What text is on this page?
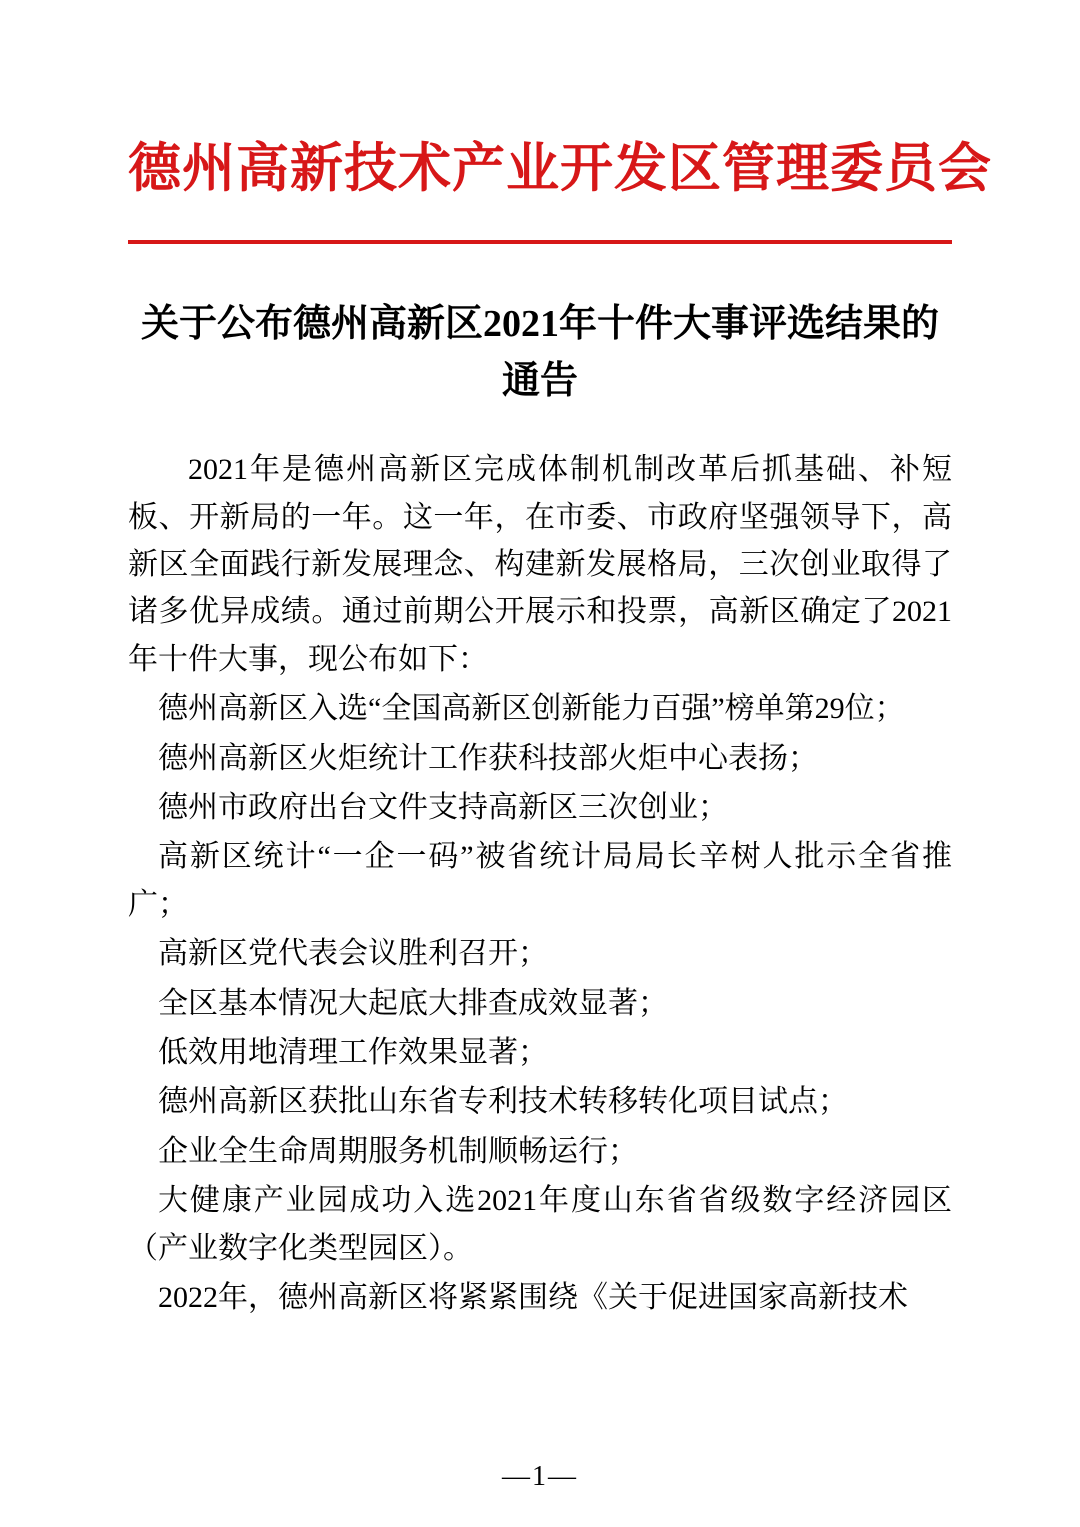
德州高新技术产业开发区管理委员会
关于公布德州高新区2021年十件大事评选结果的通告
2021年是德州高新区完成体制机制改革后抓基础、补短板、开新局的一年。这一年，在市委、市政府坚强领导下，高新区全面践行新发展理念、构建新发展格局，三次创业取得了诸多优异成绩。通过前期公开展示和投票，高新区确定了2021年十件大事，现公布如下：
德州高新区入选“全国高新区创新能力百强”榜单第29位；
德州高新区火炬统计工作获科技部火炬中心表扬；
德州市政府出台文件支持高新区三次创业；
高新区统计“一企一码”被省统计局局长辛树人批示全省推广；
高新区党代表会议胜利召开；
全区基本情况大起底大排查成效显著；
低效用地清理工作效果显著；
德州高新区获批山东省专利技术转移转化项目试点；
企业全生命周期服务机制顺畅运行；
大健康产业园成功入选2021年度山东省省级数字经济园区（产业数字化类型园区）。
2022年，德州高新区将紧紧围绕《关于促进国家高新技术
—1—
